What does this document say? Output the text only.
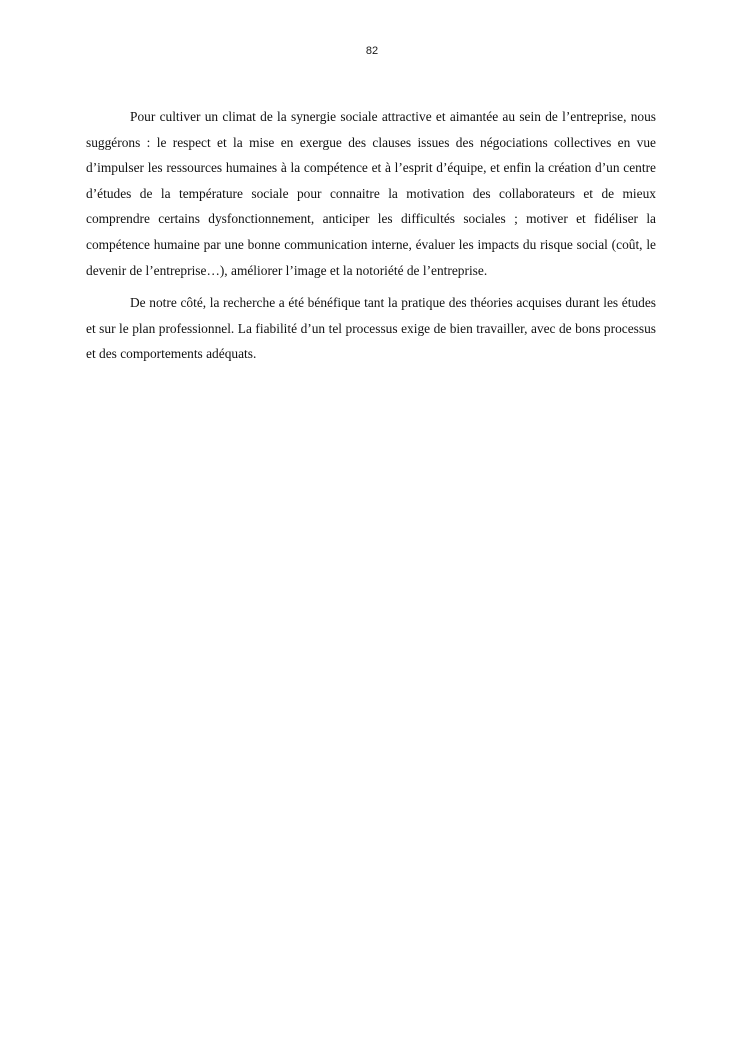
82

Pour cultiver un climat de la synergie sociale attractive et aimantée au sein de l’entreprise, nous suggérons : le respect et la mise en exergue des clauses issues des négociations collectives en vue d’impulser les ressources humaines à la compétence et à l’esprit d’équipe, et enfin la création d’un centre d’études de la température sociale pour connaitre la motivation des collaborateurs et de mieux comprendre certains dysfonctionnement, anticiper les difficultés sociales ; motiver et fidéliser la compétence humaine par une bonne communication interne, évaluer les impacts du risque social (coût, le devenir de l’entreprise…), améliorer l’image et la notoriété de l’entreprise.

De notre côté, la recherche a été bénéfique tant la pratique des théories acquises durant les études et sur le plan professionnel. La fiabilité d’un tel processus exige de bien travailler, avec de bons processus et des comportements adéquats.
